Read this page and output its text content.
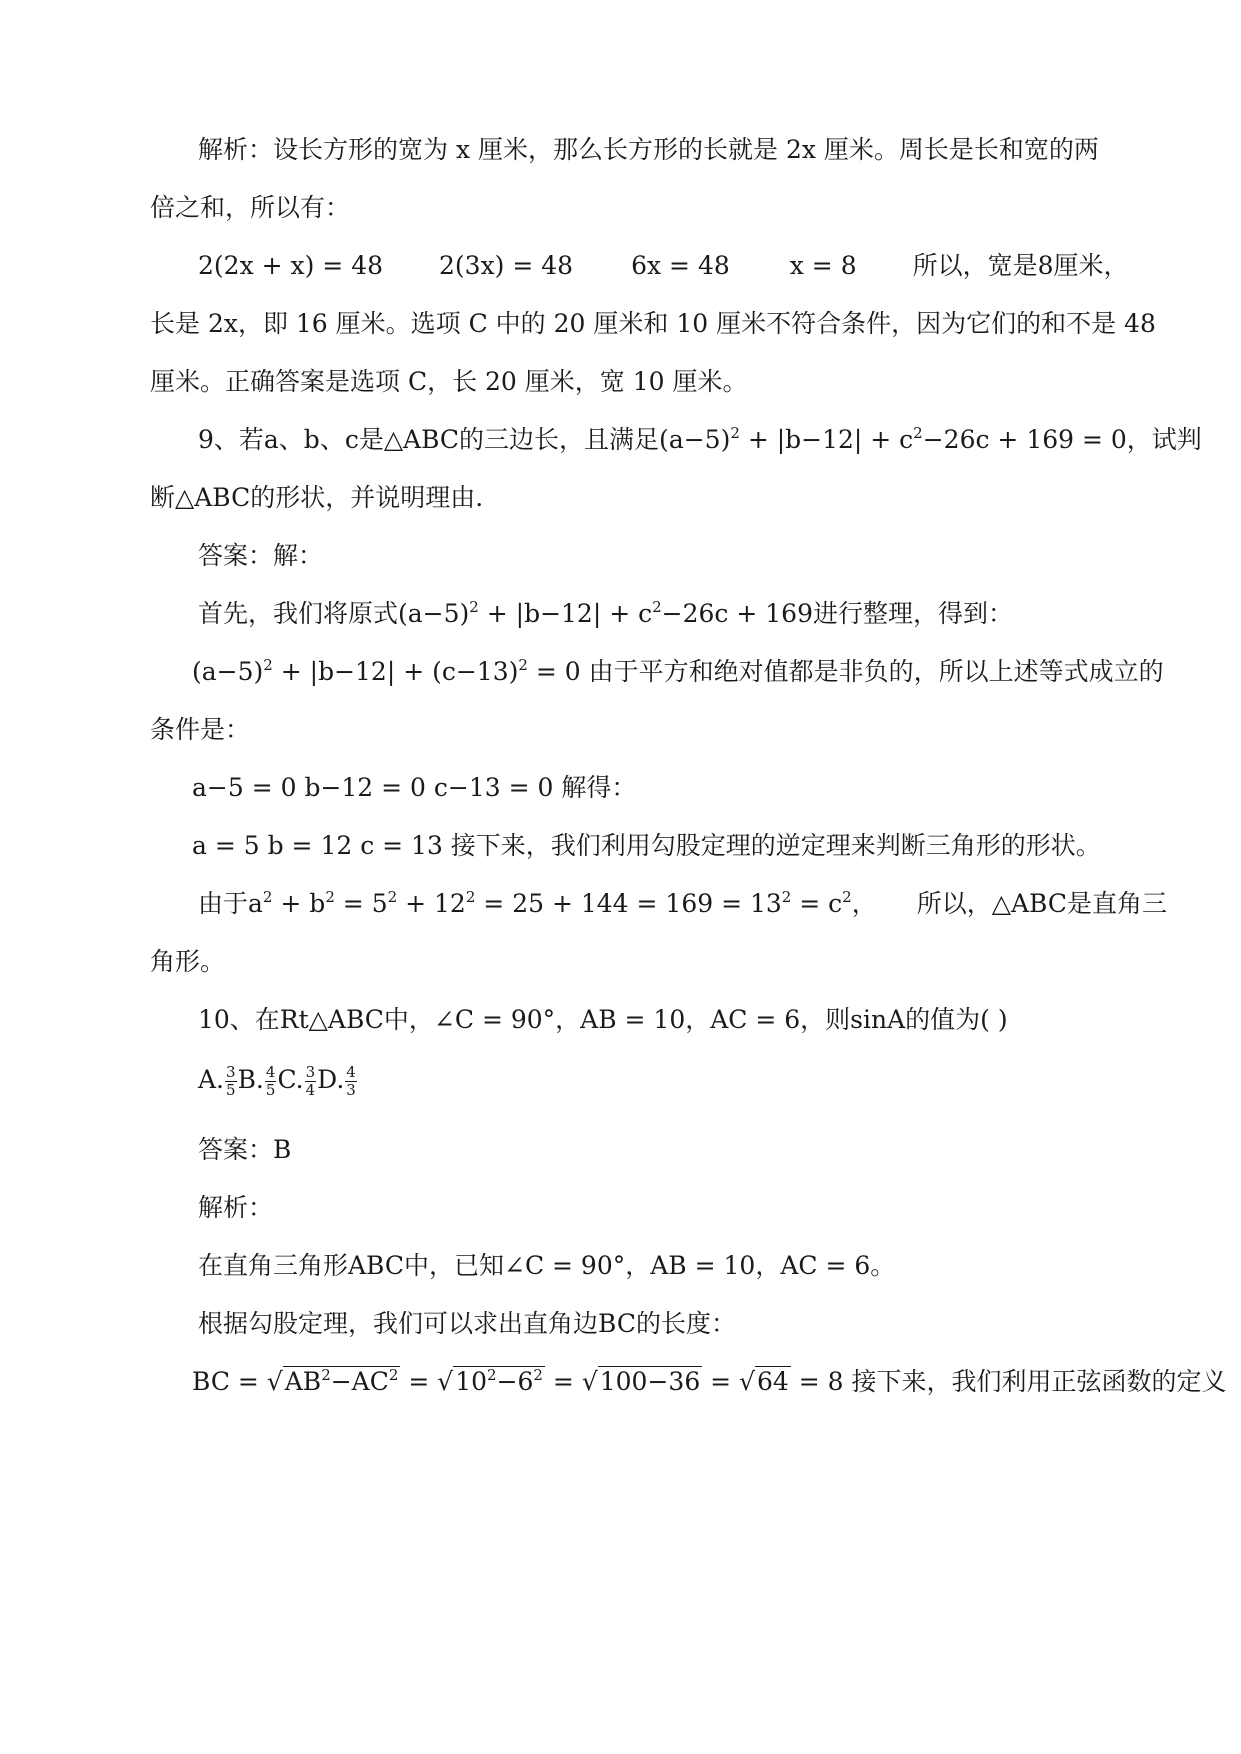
解析：设长方形的宽为 x 厘米，那么长方形的长就是 2x 厘米。周长是长和宽的两
倍之和，所以有：
2(2x + x) = 48 2(3x) = 48 6x = 48 x = 8 所以，宽是8厘米，
长是 2x，即 16 厘米。选项 C 中的 20 厘米和 10 厘米不符合条件，因为它们的和不是 48
厘米。正确答案是选项 C，长 20 厘米，宽 10 厘米。
9、若a、b、c是△ABC的三边长，且满足$(a-5)^2 + |b-12| + c^2-26c + 169 = 0$，试判
断△ABC的形状，并说明理由.
答案：解：
首先，我们将原式$(a-5)^2 + |b-12| + c^2-26c + 169$进行整理，得到：
$(a-5)^2 + |b-12| + (c-13)^2 = 0$ 由于平方和绝对值都是非负的，所以上述等式成立的
条件是：
a−5 = 0 b−12 = 0 c−13 = 0 解得：
a = 5 b = 12 c = 13 接下来，我们利用勾股定理的逆定理来判断三角形的形状。
由于$a^2 + b^2 = 5^2 + 12^2 = 25 + 144 = 169 = 13^2 = c^2$， 所以，△ABC是直角三
角形。
10、在Rt△ABC中，∠C = 90°，AB = 10，AC = 6，则sinA的值为( )
A. $\frac{3}{5} B$. $\frac{4}{5} C$. $\frac{3}{4} D$. $\frac{4}{3}$
答案：B
解析：
在直角三角形ABC中，已知∠C = 90°，AB = 10，AC = 6。
根据勾股定理，我们可以求出直角边BC的长度：
BC = $√AB^2-AC^2 = √10^2-6^2 = √100-36 = √64 = 8$ 接下来，我们利用正弦函数的定义
